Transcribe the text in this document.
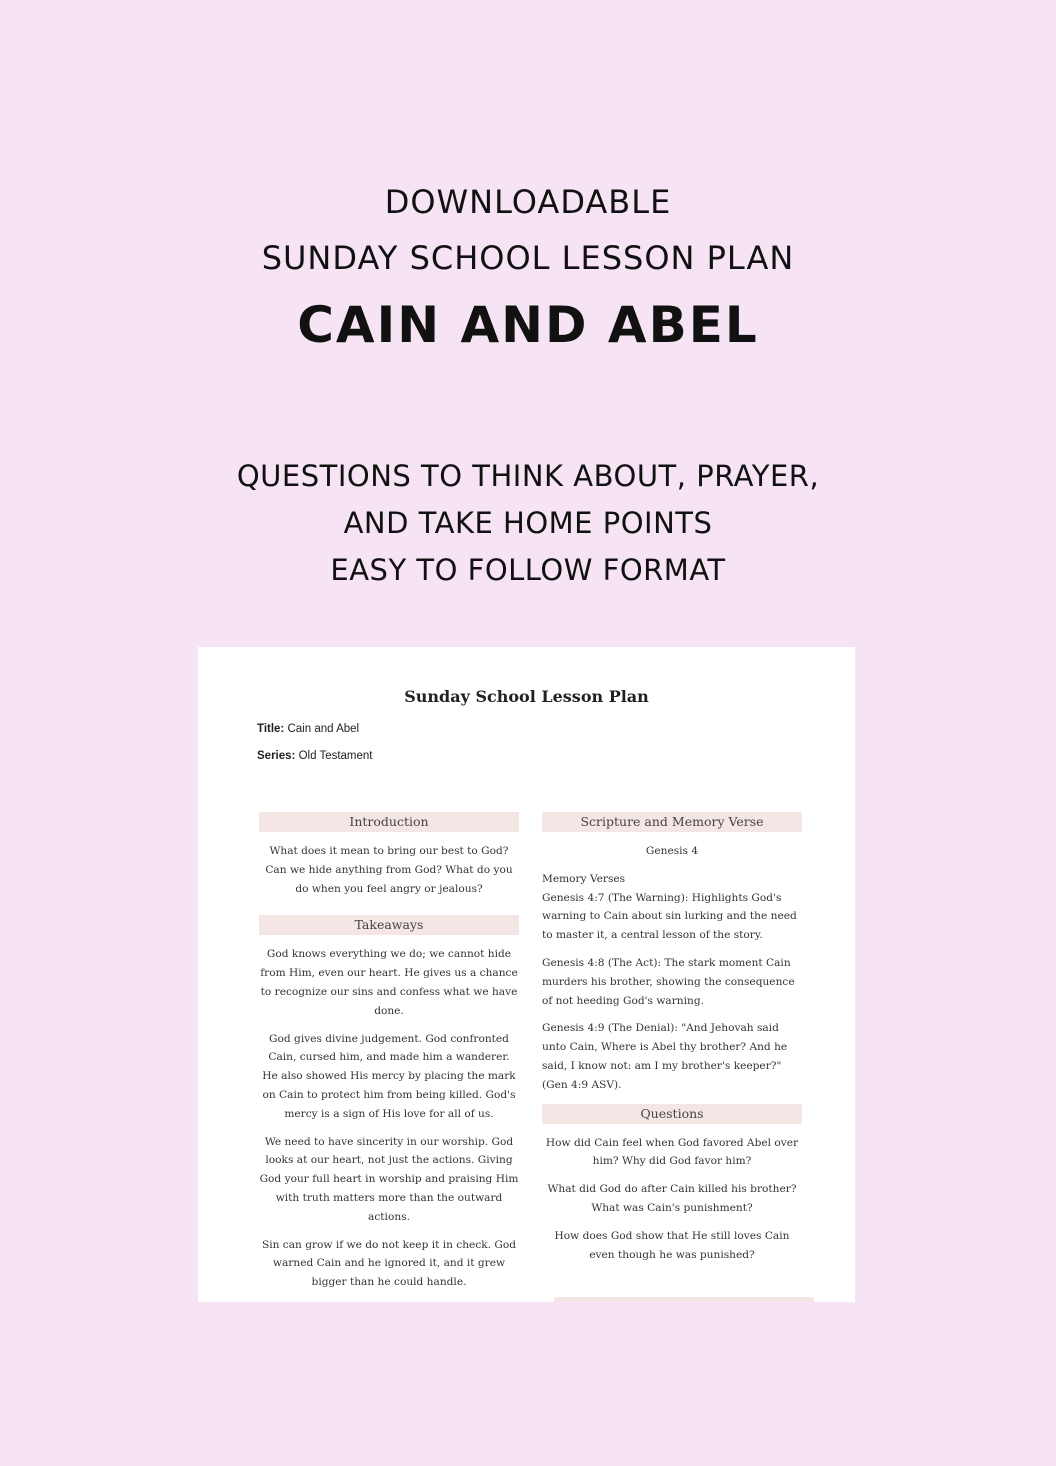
DOWNLOADABLE
SUNDAY SCHOOL LESSON PLAN
CAIN AND ABEL
QUESTIONS TO THINK ABOUT, PRAYER,
AND TAKE HOME POINTS
EASY TO FOLLOW FORMAT
Sunday School Lesson Plan
Title: Cain and Abel
Series: Old Testament
Introduction

What does it mean to bring our best to God? Can we hide anything from God? What do you do when you feel angry or jealous?

Takeaways

God knows everything we do; we cannot hide from Him, even our heart. He gives us a chance to recognize our sins and confess what we have done.

God gives divine judgement. God confronted Cain, cursed him, and made him a wanderer. He also showed His mercy by placing the mark on Cain to protect him from being killed. God's mercy is a sign of His love for all of us.

We need to have sincerity in our worship. God looks at our heart, not just the actions. Giving God your full heart in worship and praising Him with truth matters more than the outward actions.

Sin can grow if we do not keep it in check. God warned Cain and he ignored it, and it grew bigger than he could handle.

Scripture and Memory Verse

Genesis 4

Memory Verses

Genesis 4:7 (The Warning): Highlights God's warning to Cain about sin lurking and the need to master it, a central lesson of the story.

Genesis 4:8 (The Act): The stark moment Cain murders his brother, showing the consequence of not heeding God's warning.

Genesis 4:9 (The Denial): "And Jehovah said unto Cain, Where is Abel thy brother? And he said, I know not: am I my brother's keeper?" (Gen 4:9 ASV).

Questions

How did Cain feel when God favored Abel over him? Why did God favor him?

What did God do after Cain killed his brother? What was Cain's punishment?

How does God show that He still loves Cain even though he was punished?
